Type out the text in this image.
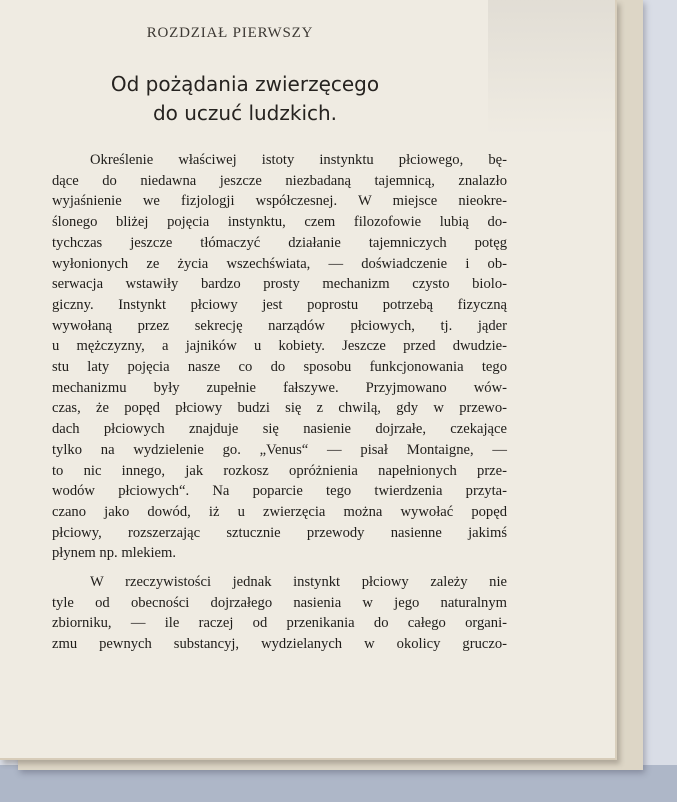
ROZDZIAŁ PIERWSZY
Od pożądania zwierzęcego
do uczuć ludzkich.
Określenie właściwej istoty instynktu płciowego, bę-
dące do niedawna jeszcze niezbadaną tajemnicą, znalazło
wyjaśnienie we fizjologji współczesnej. W miejsce nieokre-
ślonego bliżej pojęcia instynktu, czem filozofowie lubią do-
tychczas jeszcze tłómaczyć działanie tajemniczych potęg
wyłonionych ze życia wszechświata, — doświadczenie i ob-
serwacja wstawiły bardzo prosty mechanizm czysto biolo-
giczny. Instynkt płciowy jest poprostu potrzebą fizyczną
wywołaną przez sekrecję narządów płciowych, tj. jąder
u mężczyzny, a jajników u kobiety. Jeszcze przed dwudzie-
stu laty pojęcia nasze co do sposobu funkcjonowania tego
mechanizmu były zupełnie fałszywe. Przyjmowano wów-
czas, że popęd płciowy budzi się z chwilą, gdy w przewo-
dach płciowych znajduje się nasienie dojrzałe, czekające
tylko na wydzielenie go. „Venus“ — pisał Montaigne, —
to nic innego, jak rozkosz opróżnienia napełnionych prze-
wodów płciowych“. Na poparcie tego twierdzenia przyta-
czano jako dowód, iż u zwierzęcia można wywołać popęd
płciowy, rozszerzając sztucznie przewody nasienne jakimś
płynem np. mlekiem.
W rzeczywistości jednak instynkt płciowy zależy nie
tyle od obecności dojrzałego nasienia w jego naturalnym
zbiorniku, — ile raczej od przenikania do całego organi-
zmu pewnych substancyj, wydzielanych w okolicy gruczo-
